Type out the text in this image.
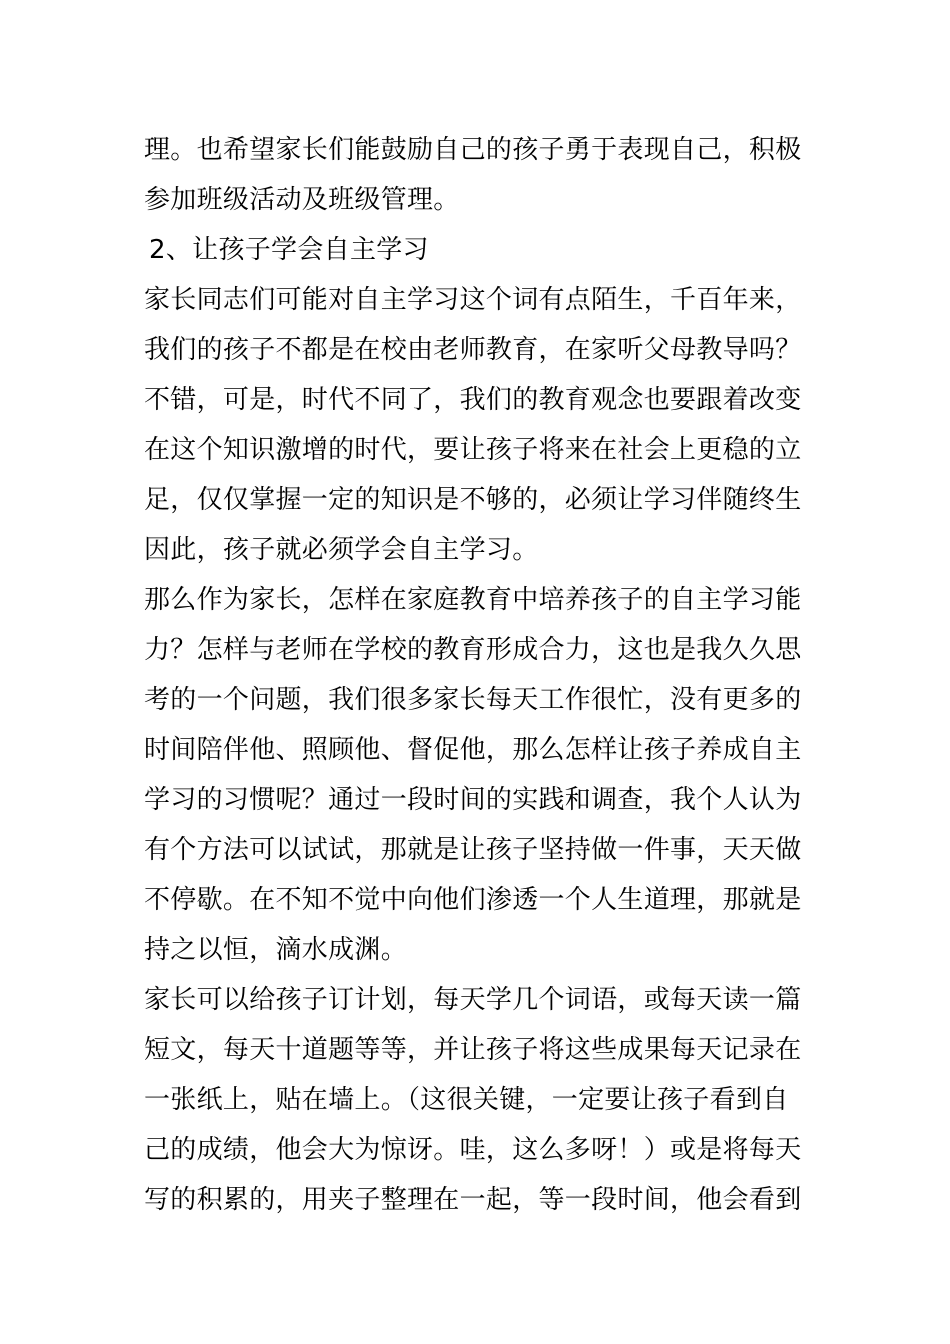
理。也希望家长们能鼓励自己的孩子勇于表现自己，积极
参加班级活动及班级管理。
2、让孩子学会自主学习
家长同志们可能对自主学习这个词有点陌生，千百年来，
我们的孩子不都是在校由老师教育，在家听父母教导吗？
不错，可是，时代不同了，我们的教育观念也要跟着改变
在这个知识激增的时代，要让孩子将来在社会上更稳的立
足，仅仅掌握一定的知识是不够的，必须让学习伴随终生
因此，孩子就必须学会自主学习。
那么作为家长，怎样在家庭教育中培养孩子的自主学习能
力？怎样与老师在学校的教育形成合力，这也是我久久思
考的一个问题，我们很多家长每天工作很忙，没有更多的
时间陪伴他、照顾他、督促他，那么怎样让孩子养成自主
学习的习惯呢？通过一段时间的实践和调查，我个人认为
有个方法可以试试，那就是让孩子坚持做一件事，天天做
不停歇。在不知不觉中向他们渗透一个人生道理，那就是
持之以恒，滴水成渊。
家长可以给孩子订计划，每天学几个词语，或每天读一篇
短文，每天十道题等等，并让孩子将这些成果每天记录在
一张纸上，贴在墙上。（这很关键，一定要让孩子看到自
己的成绩，他会大为惊讶。哇，这么多呀！）或是将每天
写的积累的，用夹子整理在一起，等一段时间，他会看到
